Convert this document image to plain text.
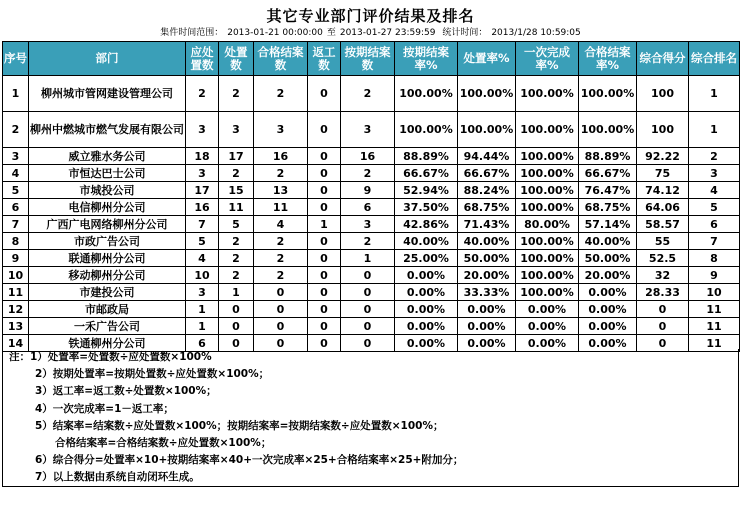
其它专业部门评价结果及排名
集件时间范围： 2013-01-21 00:00:00 至 2013-01-27 23:59:59 统计时间： 2013/1/28 10:59:05
序号	部门	应处置数	处置数	合格结案数	返工数	按期结案数	按期结案率%	处置率%	一次完成率%	合格结案率%	综合得分	综合排名
1	柳州城市管网建设管理公司	2	2	2	0	2	100.00%	100.00%	100.00%	100.00%	100	1
2	柳州中燃城市燃气发展有限公司	3	3	3	0	3	100.00%	100.00%	100.00%	100.00%	100	1
3	威立雅水务公司	18	17	16	0	16	88.89%	94.44%	100.00%	88.89%	92.22	2
4	市恒达巴士公司	3	2	2	0	2	66.67%	66.67%	100.00%	66.67%	75	3
5	市城投公司	17	15	13	0	9	52.94%	88.24%	100.00%	76.47%	74.12	4
6	电信柳州分公司	16	11	11	0	6	37.50%	68.75%	100.00%	68.75%	64.06	5
7	广西广电网络柳州分公司	7	5	4	1	3	42.86%	71.43%	80.00%	57.14%	58.57	6
8	市政广告公司	5	2	2	0	2	40.00%	40.00%	100.00%	40.00%	55	7
9	联通柳州分公司	4	2	2	0	1	25.00%	50.00%	100.00%	50.00%	52.5	8
10	移动柳州分公司	10	2	2	0	0	0.00%	20.00%	100.00%	20.00%	32	9
11	市建投公司	3	1	0	0	0	0.00%	33.33%	100.00%	0.00%	28.33	10
12	市邮政局	1	0	0	0	0	0.00%	0.00%	0.00%	0.00%	0	11
13	一禾广告公司	1	0	0	0	0	0.00%	0.00%	0.00%	0.00%	0	11
14	铁通柳州分公司	6	0	0	0	0	0.00%	0.00%	0.00%	0.00%	0	11
注：1）处置率=处置数÷应处置数×100%
2）按期处置率=按期处置数÷应处置数×100%；
3）返工率=返工数÷处置数×100%；
4）一次完成率=1－返工率；
5）结案率=结案数÷应处置数×100%；按期结案率=按期结案数÷应处置数×100%；
合格结案率=合格结案数÷应处置数×100%；
6）综合得分=处置率×10+按期结案率×40+一次完成率×25+合格结案率×25+附加分；
7）以上数据由系统自动闭环生成。
